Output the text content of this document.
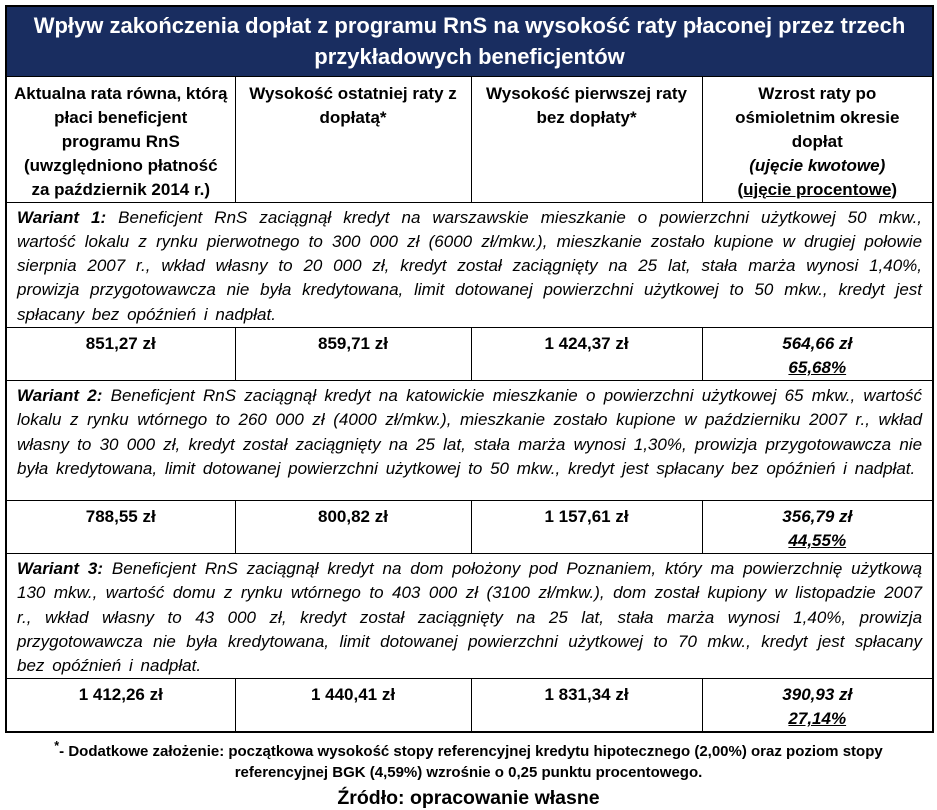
Wpływ zakończenia dopłat z programu RnS na wysokość raty płaconej przez trzech przykładowych beneficjentów			
Aktualna rata równa, którą płaci beneficjent programu RnS (uwzględniono płatność za październik 2014 r.)	Wysokość ostatniej raty z dopłatą*	Wysokość pierwszej raty bez dopłaty*	Wzrost raty po ośmioletnim okresie dopłat
(ujęcie kwotowe)
(ujęcie procentowe)
Wariant 1: Beneficjent RnS zaciągnął kredyt na warszawskie mieszkanie o powierzchni użytkowej 50 mkw., wartość lokalu z rynku pierwotnego to 300 000 zł (6000 zł/mkw.), mieszkanie zostało kupione w drugiej połowie sierpnia 2007 r., wkład własny to 20 000 zł, kredyt został zaciągnięty na 25 lat, stała marża wynosi 1,40%, prowizja przygotowawcza nie była kredytowana, limit dotowanej powierzchni użytkowej to 50 mkw., kredyt jest spłacany bez opóźnień i nadpłat.			
851,27 zł	859,71 zł	1 424,37 zł	564,66 zł
65,68%

Wariant 2: Beneficjent RnS zaciągnął kredyt na katowickie mieszkanie o powierzchni użytkowej 65 mkw., wartość lokalu z rynku wtórnego to 260 000 zł (4000 zł/mkw.), mieszkanie zostało kupione w październiku 2007 r., wkład własny to 30 000 zł, kredyt został zaciągnięty na 25 lat, stała marża wynosi 1,30%, prowizja przygotowawcza nie była kredytowana, limit dotowanej powierzchni użytkowej to 50 mkw., kredyt jest spłacany bez opóźnień i nadpłat.			
788,55 zł	800,82 zł	1 157,61 zł	356,79 zł
44,55%

Wariant 3: Beneficjent RnS zaciągnął kredyt na dom położony pod Poznaniem, który ma powierzchnię użytkową 130 mkw., wartość domu z rynku wtórnego to 403 000 zł (3100 zł/mkw.), dom został kupiony w listopadzie 2007 r., wkład własny to 43 000 zł, kredyt został zaciągnięty na 25 lat, stała marża wynosi 1,40%, prowizja przygotowawcza nie była kredytowana, limit dotowanej powierzchni użytkowej to 70 mkw., kredyt jest spłacany bez opóźnień i nadpłat.			
1 412,26 zł	1 440,41 zł	1 831,34 zł	390,93 zł
27,14%
*- Dodatkowe założenie: początkowa wysokość stopy referencyjnej kredytu hipotecznego (2,00%) oraz poziom stopy referencyjnej BGK (4,59%) wzrośnie o 0,25 punktu procentowego.
Źródło: opracowanie własne
